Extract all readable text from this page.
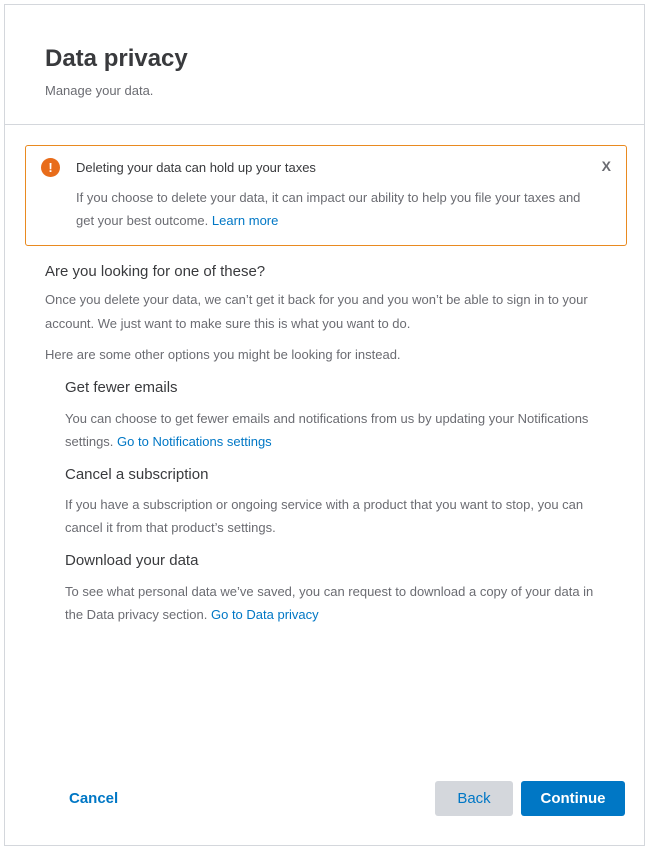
Data privacy
Manage your data.
!	Deleting your data can hold up your taxes	X
If you choose to delete your data, it can impact our ability to help you file your taxes and get your best outcome. Learn more
Are you looking for one of these?
Once you delete your data, we can’t get it back for you and you won’t be able to sign in to your account. We just want to make sure this is what you want to do.
Here are some other options you might be looking for instead.
Get fewer emails
You can choose to get fewer emails and notifications from us by updating your Notifications settings. Go to Notifications settings
Cancel a subscription
If you have a subscription or ongoing service with a product that you want to stop, you can cancel it from that product’s settings.
Download your data
To see what personal data we’ve saved, you can request to download a copy of your data in the Data privacy section. Go to Data privacy
Cancel	Back	Continue
